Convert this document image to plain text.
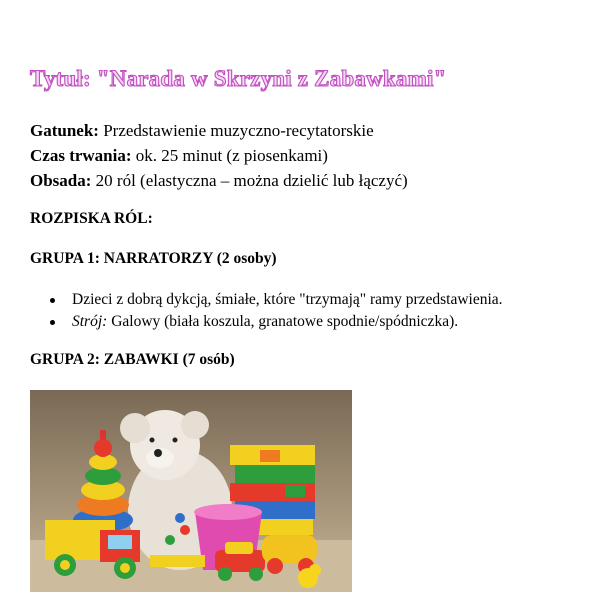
Tytuł: "Narada w Skrzyni z Zabawkami"
Gatunek: Przedstawienie muzyczno-recytatorskie
Czas trwania: ok. 25 minut (z piosenkami)
Obsada: 20 ról (elastyczna – można dzielić lub łączyć)
ROZPISKA RÓL:
GRUPA 1: NARRATORZY (2 osoby)
Dzieci z dobrą dykcją, śmiałe, które "trzymają" ramy przedstawienia.
Strój: Galowy (biała koszula, granatowe spodnie/spódniczka).
GRUPA 2: ZABAWKI (7 osób)
